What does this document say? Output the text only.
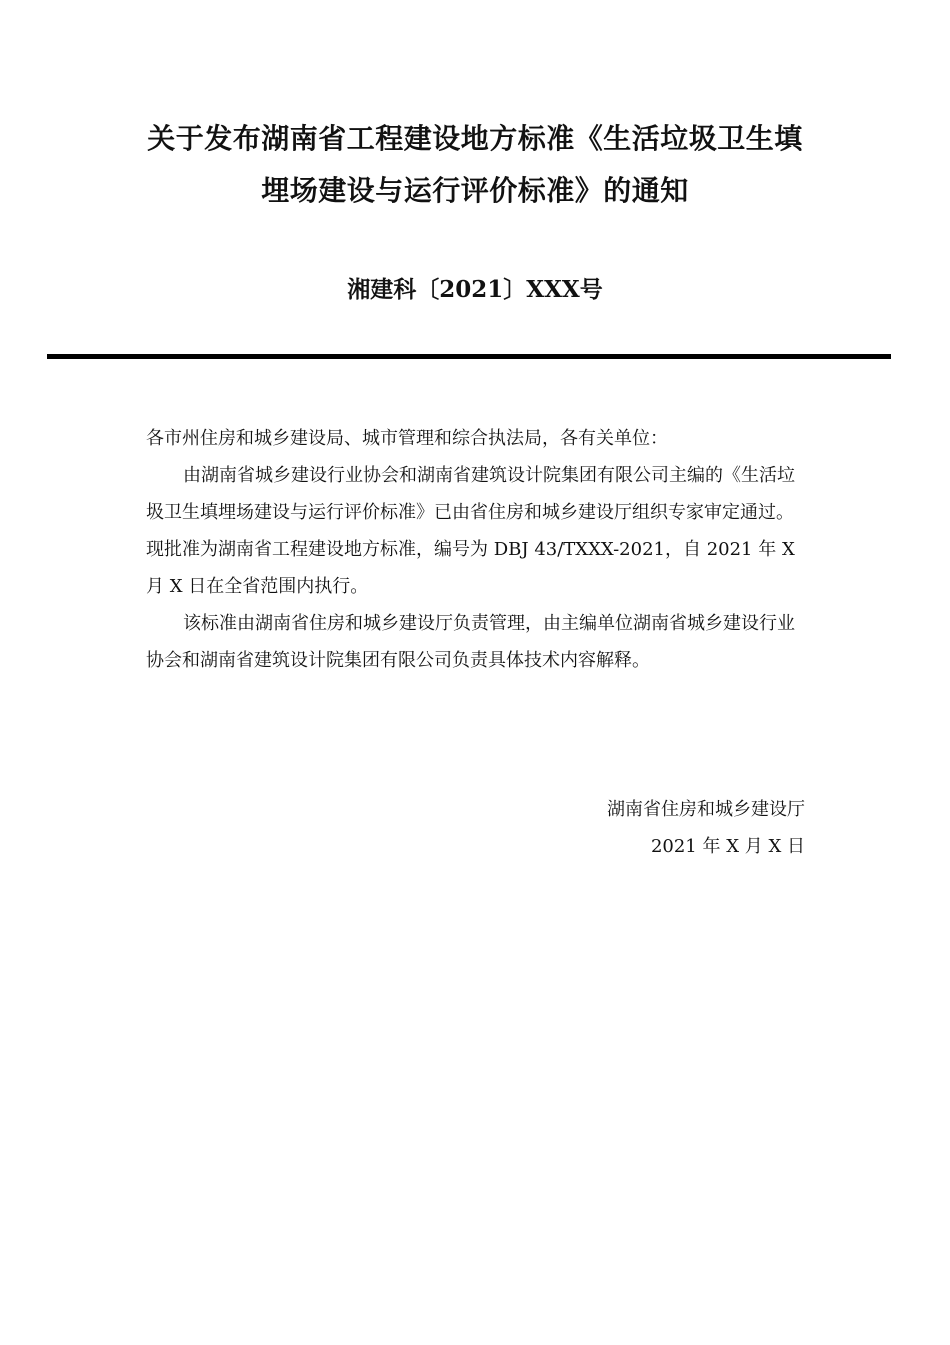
关于发布湖南省工程建设地方标准《生活垃圾卫生填
埋场建设与运行评价标准》的通知
湘建科〔2021〕XXX号
各市州住房和城乡建设局、城市管理和综合执法局，各有关单位：
由湖南省城乡建设行业协会和湖南省建筑设计院集团有限公司主编的《生活垃圾卫生填埋场建设与运行评价标准》已由省住房和城乡建设厅组织专家审定通过。现批准为湖南省工程建设地方标准，编号为 DBJ 43/TXXX-2021，自 2021 年 X 月 X 日在全省范围内执行。
该标准由湖南省住房和城乡建设厅负责管理，由主编单位湖南省城乡建设行业协会和湖南省建筑设计院集团有限公司负责具体技术内容解释。
湖南省住房和城乡建设厅
2021 年 X 月 X 日
